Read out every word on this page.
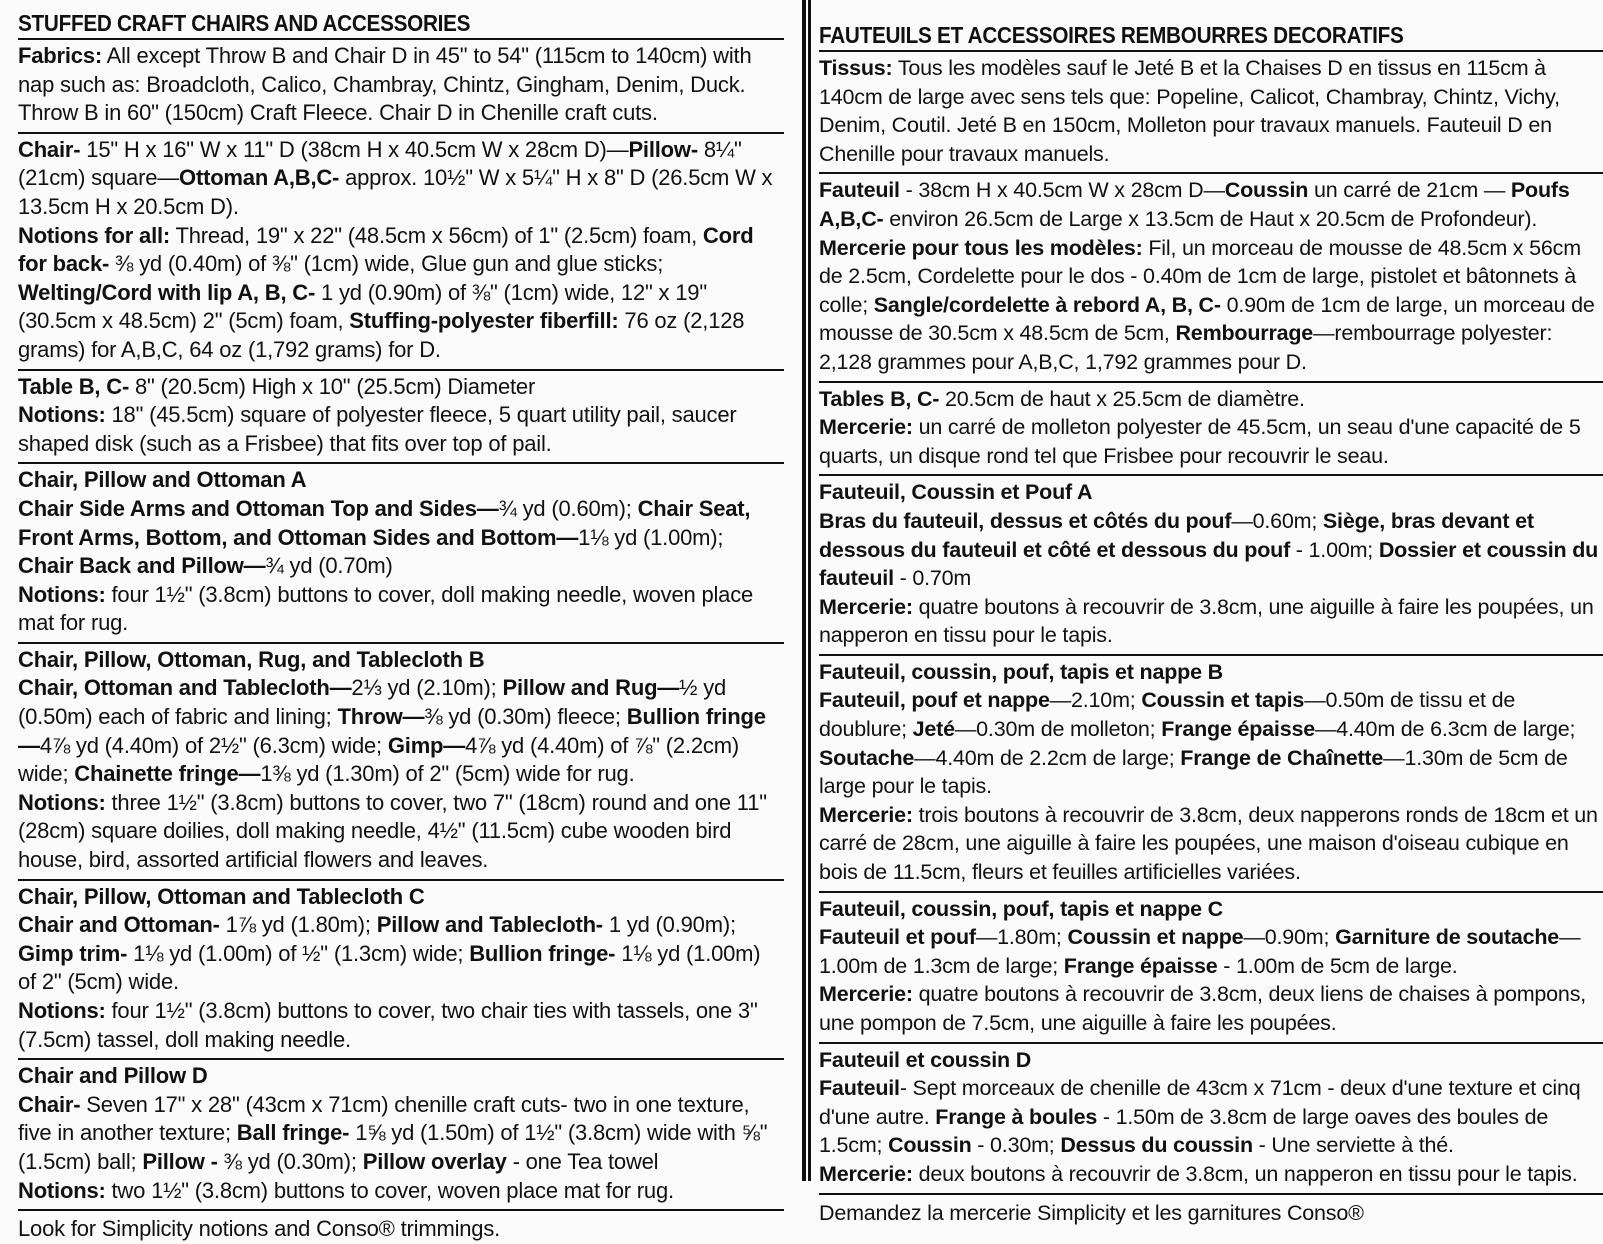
STUFFED CRAFT CHAIRS AND ACCESSORIES

Fabrics: All except Throw B and Chair D in 45" to 54" (115cm to 140cm) with nap such as: Broadcloth, Calico, Chambray, Chintz, Gingham, Denim, Duck. Throw B in 60" (150cm) Craft Fleece. Chair D in Chenille craft cuts.

Chair- 15" H x 16" W x 11" D (38cm H x 40.5cm W x 28cm D)—Pillow- 8¼" (21cm) square—Ottoman A,B,C- approx. 10½" W x 5¼" H x 8" D (26.5cm W x 13.5cm H x 20.5cm D).

Notions for all: Thread, 19" x 22" (48.5cm x 56cm) of 1" (2.5cm) foam, Cord for back- ⅜ yd (0.40m) of ⅜" (1cm) wide, Glue gun and glue sticks; Welting/Cord with lip A, B, C- 1 yd (0.90m) of ⅜" (1cm) wide, 12" x 19" (30.5cm x 48.5cm) 2" (5cm) foam, Stuffing-polyester fiberfill: 76 oz (2,128 grams) for A,B,C, 64 oz (1,792 grams) for D.

Table B, C- 8" (20.5cm) High x 10" (25.5cm) Diameter

Notions: 18" (45.5cm) square of polyester fleece, 5 quart utility pail, saucer shaped disk (such as a Frisbee) that fits over top of pail.

Chair, Pillow and Ottoman A

Chair Side Arms and Ottoman Top and Sides—¾ yd (0.60m); Chair Seat, Front Arms, Bottom, and Ottoman Sides and Bottom—1⅛ yd (1.00m); Chair Back and Pillow—¾ yd (0.70m)

Notions: four 1½" (3.8cm) buttons to cover, doll making needle, woven place mat for rug.

Chair, Pillow, Ottoman, Rug, and Tablecloth B

Chair, Ottoman and Tablecloth—2⅓ yd (2.10m); Pillow and Rug—½ yd (0.50m) each of fabric and lining; Throw—⅜ yd (0.30m) fleece; Bullion fringe—4⅞ yd (4.40m) of 2½" (6.3cm) wide; Gimp—4⅞ yd (4.40m) of ⅞" (2.2cm) wide; Chainette fringe—1⅜ yd (1.30m) of 2" (5cm) wide for rug.

Notions: three 1½" (3.8cm) buttons to cover, two 7" (18cm) round and one 11" (28cm) square doilies, doll making needle, 4½" (11.5cm) cube wooden bird house, bird, assorted artificial flowers and leaves.

Chair, Pillow, Ottoman and Tablecloth C

Chair and Ottoman- 1⅞ yd (1.80m); Pillow and Tablecloth- 1 yd (0.90m); Gimp trim- 1⅛ yd (1.00m) of ½" (1.3cm) wide; Bullion fringe- 1⅛ yd (1.00m) of 2" (5cm) wide.

Notions: four 1½" (3.8cm) buttons to cover, two chair ties with tassels, one 3" (7.5cm) tassel, doll making needle.

Chair and Pillow D

Chair- Seven 17" x 28" (43cm x 71cm) chenille craft cuts- two in one texture, five in another texture; Ball fringe- 1⅝ yd (1.50m) of 1½" (3.8cm) wide with ⅝" (1.5cm) ball; Pillow - ⅜ yd (0.30m); Pillow overlay - one Tea towel

Notions: two 1½" (3.8cm) buttons to cover, woven place mat for rug.

Look for Simplicity notions and Conso® trimmings.

FAUTEUILS ET ACCESSOIRES REMBOURRES DECORATIFS

Tissus: Tous les modèles sauf le Jeté B et la Chaises D en tissus en 115cm à 140cm de large avec sens tels que: Popeline, Calicot, Chambray, Chintz, Vichy, Denim, Coutil. Jeté B en 150cm, Molleton pour travaux manuels. Fauteuil D en Chenille pour travaux manuels.

Fauteuil - 38cm H x 40.5cm W x 28cm D—Coussin un carré de 21cm — Poufs A,B,C- environ 26.5cm de Large x 13.5cm de Haut x 20.5cm de Profondeur).

Mercerie pour tous les modèles: Fil, un morceau de mousse de 48.5cm x 56cm de 2.5cm, Cordelette pour le dos - 0.40m de 1cm de large, pistolet et bâtonnets à colle; Sangle/cordelette à rebord A, B, C- 0.90m de 1cm de large, un morceau de mousse de 30.5cm x 48.5cm de 5cm, Rembourrage—rembourrage polyester: 2,128 grammes pour A,B,C, 1,792 grammes pour D.

Tables B, C- 20.5cm de haut x 25.5cm de diamètre.

Mercerie: un carré de molleton polyester de 45.5cm, un seau d'une capacité de 5 quarts, un disque rond tel que Frisbee pour recouvrir le seau.

Fauteuil, Coussin et Pouf A

Bras du fauteuil, dessus et côtés du pouf—0.60m; Siège, bras devant et dessous du fauteuil et côté et dessous du pouf - 1.00m; Dossier et coussin du fauteuil - 0.70m

Mercerie: quatre boutons à recouvrir de 3.8cm, une aiguille à faire les poupées, un napperon en tissu pour le tapis.

Fauteuil, coussin, pouf, tapis et nappe B

Fauteuil, pouf et nappe—2.10m; Coussin et tapis—0.50m de tissu et de doublure; Jeté—0.30m de molleton; Frange épaisse—4.40m de 6.3cm de large; Soutache—4.40m de 2.2cm de large; Frange de Chaînette—1.30m de 5cm de large pour le tapis.

Mercerie: trois boutons à recouvrir de 3.8cm, deux napperons ronds de 18cm et un carré de 28cm, une aiguille à faire les poupées, une maison d'oiseau cubique en bois de 11.5cm, fleurs et feuilles artificielles variées.

Fauteuil, coussin, pouf, tapis et nappe C

Fauteuil et pouf—1.80m; Coussin et nappe—0.90m; Garniture de soutache—1.00m de 1.3cm de large; Frange épaisse - 1.00m de 5cm de large.

Mercerie: quatre boutons à recouvrir de 3.8cm, deux liens de chaises à pompons, une pompon de 7.5cm, une aiguille à faire les poupées.

Fauteuil et coussin D

Fauteuil- Sept morceaux de chenille de 43cm x 71cm - deux d'une texture et cinq d'une autre. Frange à boules - 1.50m de 3.8cm de large oaves des boules de 1.5cm; Coussin - 0.30m; Dessus du coussin - Une serviette à thé.

Mercerie: deux boutons à recouvrir de 3.8cm, un napperon en tissu pour le tapis.

Demandez la mercerie Simplicity et les garnitures Conso®
